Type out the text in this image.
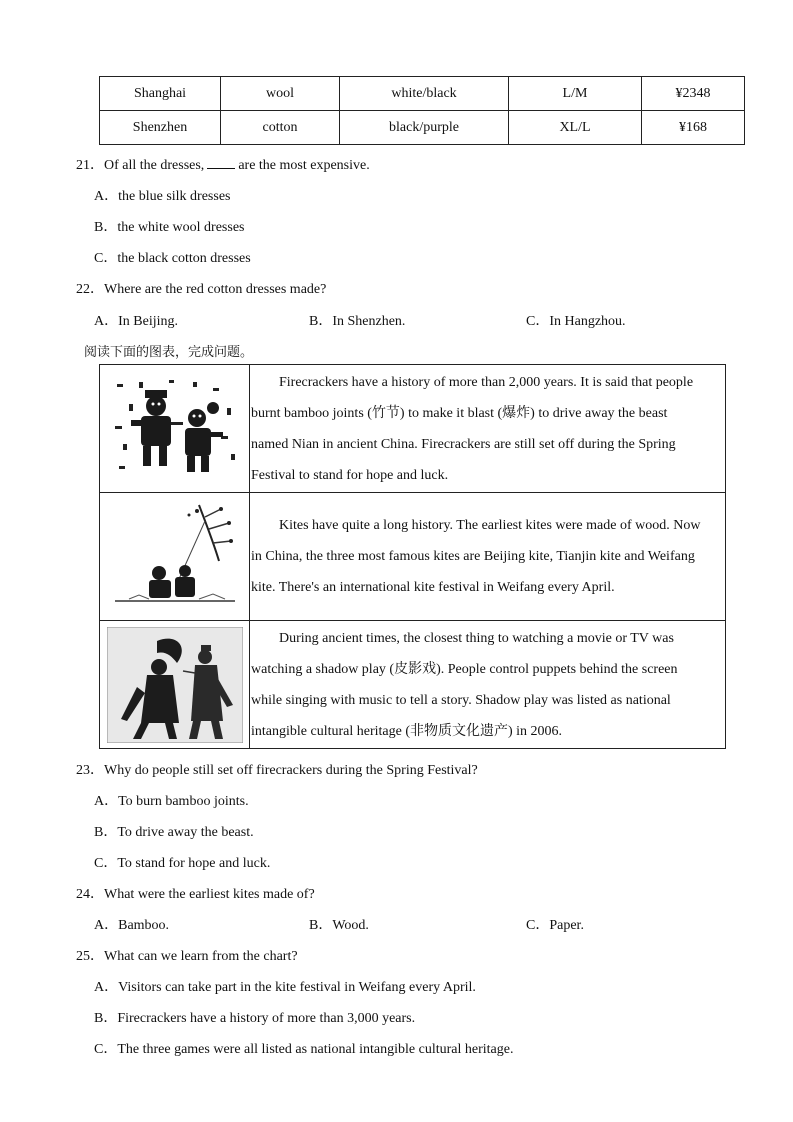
Shanghai	wool	white/black	L/M	¥2348
Shenzhen	cotton	black/purple	XL/L	¥168
21．Of all the dresses, are the most expensive.
A．the blue silk dresses
B．the white wool dresses
C．the black cotton dresses
22．Where are the red cotton dresses made?
A．In Beijing.	B．In Shenzhen.	C．In Hangzhou.
阅读下面的图表，完成问题。

Firecrackers have a history of more than 2,000 years. It is said that people
burnt bamboo joints (竹节) to make it blast (爆炸) to drive away the beast
named Nian in ancient China. Firecrackers are still set off during the Spring
Festival to stand for hope and luck.

Kites have quite a long history. The earliest kites were made of wood. Now
in China, the three most famous kites are Beijing kite, Tianjin kite and Weifang
kite. There's an international kite festival in Weifang every April.

During ancient times, the closest thing to watching a movie or TV was
watching a shadow play (皮影戏). People control puppets behind the screen
while singing with music to tell a story. Shadow play was listed as national
intangible cultural heritage (非物质文化遗产) in 2006.
23．Why do people still set off firecrackers during the Spring Festival?
A．To burn bamboo joints.
B．To drive away the beast.
C．To stand for hope and luck.
24．What were the earliest kites made of?
A．Bamboo.	B．Wood.	C．Paper.
25．What can we learn from the chart?
A．Visitors can take part in the kite festival in Weifang every April.
B．Firecrackers have a history of more than 3,000 years.
C．The three games were all listed as national intangible cultural heritage.
